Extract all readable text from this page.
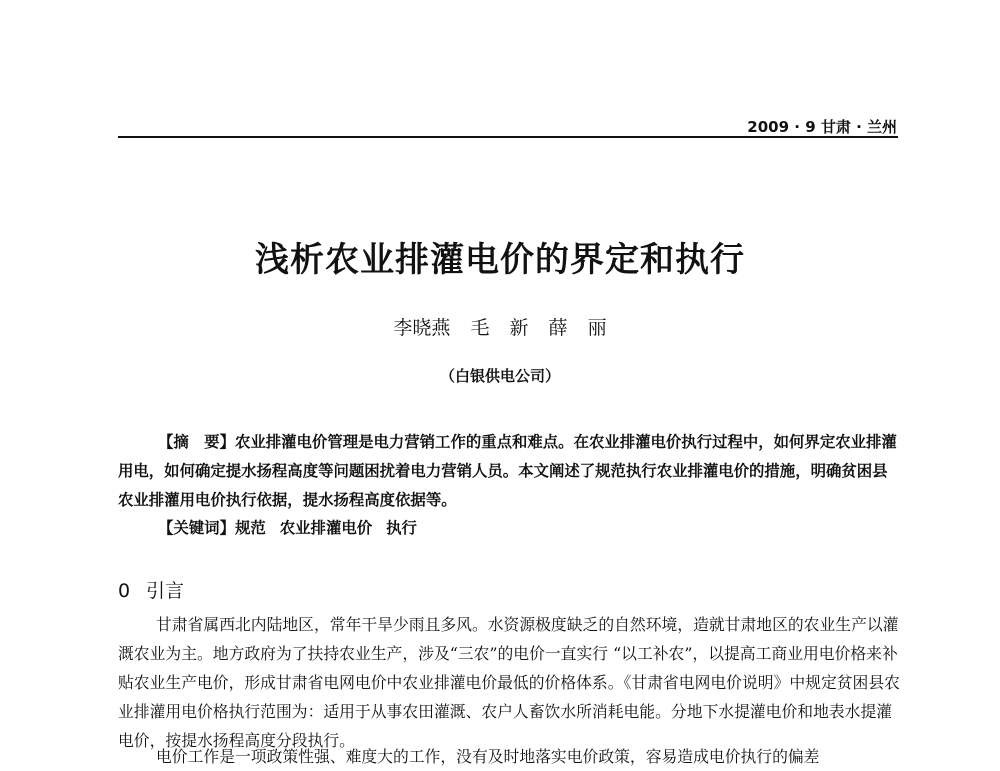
2009 · 9 甘肃 · 兰州
浅析农业排灌电价的界定和执行
李晓燕 毛 新 薛 丽
（白银供电公司）

【摘　要】农业排灌电价管理是电力营销工作的重点和难点。在农业排灌电价执行过程中，如何界定农业排灌用电，如何确定提水扬程高度等问题困扰着电力营销人员。本文阐述了规范执行农业排灌电价的措施，明确贫困县农业排灌用电价执行依据，提水扬程高度依据等。

【关键词】规范 农业排灌电价 执行
0 引言

甘肃省属西北内陆地区，常年干旱少雨且多风。水资源极度缺乏的自然环境，造就甘肃地区的农业生产以灌溉农业为主。地方政府为了扶持农业生产，涉及“三农”的电价一直实行 “以工补农”，以提高工商业用电价格来补贴农业生产电价，形成甘肃省电网电价中农业排灌电价最低的价格体系。《甘肃省电网电价说明》中规定贫困县农业排灌用电价格执行范围为：适用于从事农田灌溉、农户人畜饮水所消耗电能。分地下水提灌电价和地表水提灌电价，按提水扬程高度分段执行。

电价工作是一项政策性强、难度大的工作，没有及时地落实电价政策，容易造成电价执行的偏差
